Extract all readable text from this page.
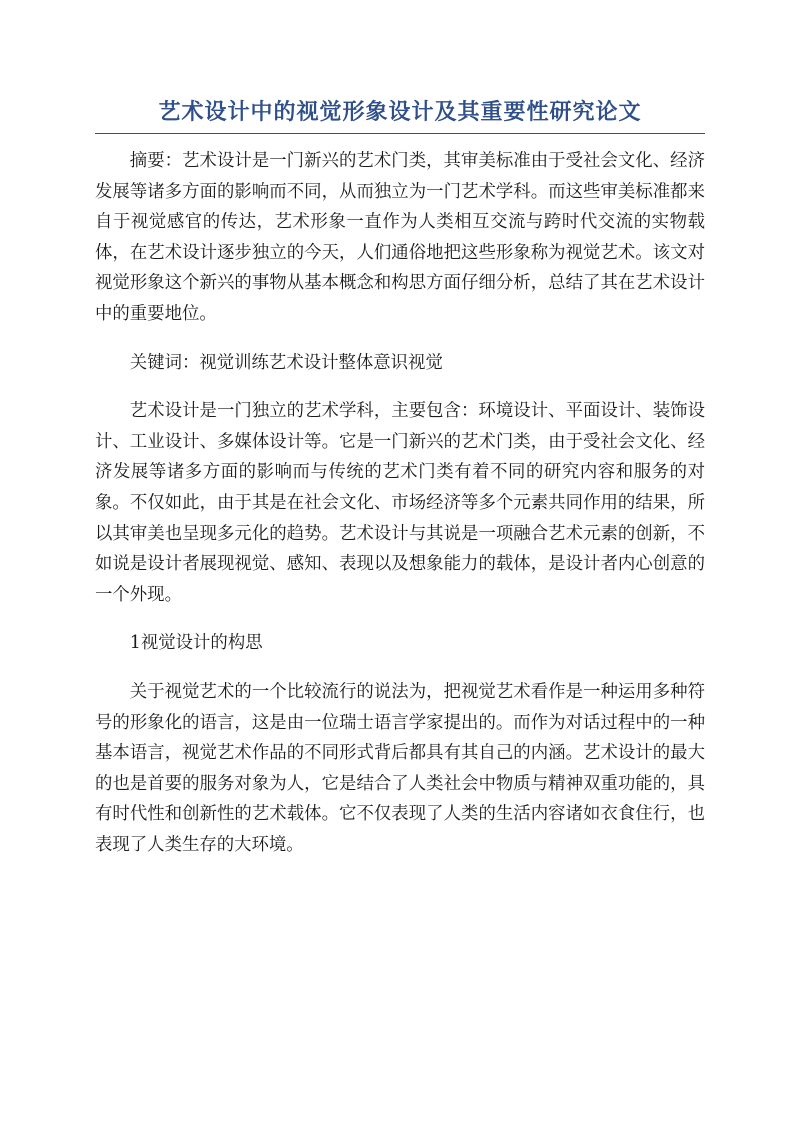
艺术设计中的视觉形象设计及其重要性研究论文

摘要：艺术设计是一门新兴的艺术门类，其审美标准由于受社会文化、经济发展等诸多方面的影响而不同，从而独立为一门艺术学科。而这些审美标准都来自于视觉感官的传达，艺术形象一直作为人类相互交流与跨时代交流的实物载体，在艺术设计逐步独立的今天，人们通俗地把这些形象称为视觉艺术。该文对视觉形象这个新兴的事物从基本概念和构思方面仔细分析，总结了其在艺术设计中的重要地位。

关键词：视觉训练艺术设计整体意识视觉

艺术设计是一门独立的艺术学科，主要包含：环境设计、平面设计、装饰设计、工业设计、多媒体设计等。它是一门新兴的艺术门类，由于受社会文化、经济发展等诸多方面的影响而与传统的艺术门类有着不同的研究内容和服务的对象。不仅如此，由于其是在社会文化、市场经济等多个元素共同作用的结果，所以其审美也呈现多元化的趋势。艺术设计与其说是一项融合艺术元素的创新，不如说是设计者展现视觉、感知、表现以及想象能力的载体，是设计者内心创意的一个外现。

1视觉设计的构思

关于视觉艺术的一个比较流行的说法为，把视觉艺术看作是一种运用多种符号的形象化的语言，这是由一位瑞士语言学家提出的。而作为对话过程中的一种基本语言，视觉艺术作品的不同形式背后都具有其自己的内涵。艺术设计的最大的也是首要的服务对象为人，它是结合了人类社会中物质与精神双重功能的，具有时代性和创新性的艺术载体。它不仅表现了人类的生活内容诸如衣食住行，也表现了人类生存的大环境。
